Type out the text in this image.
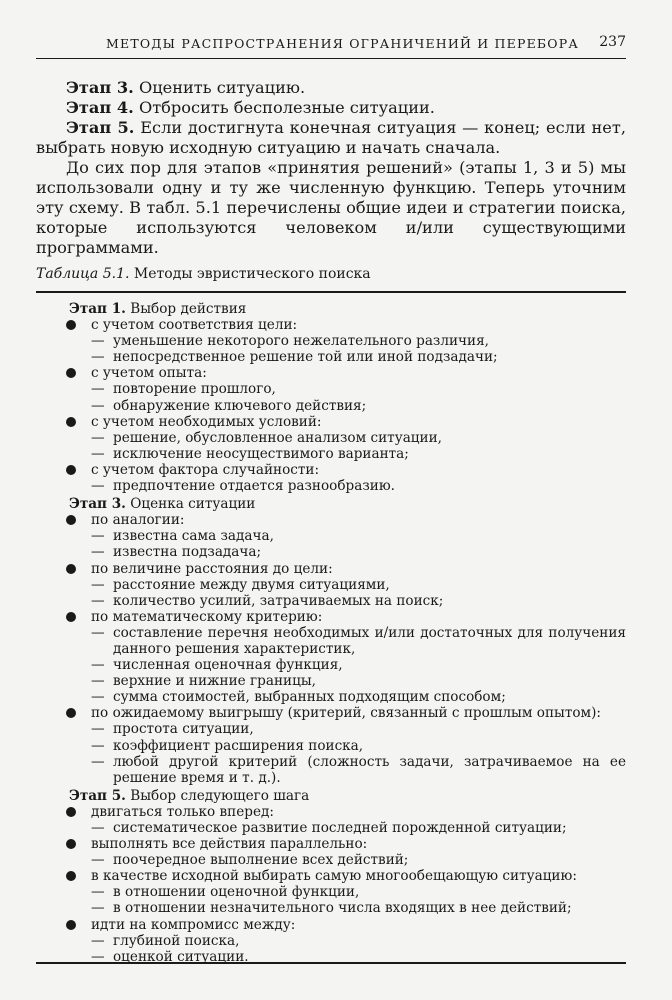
МЕТОДЫ РАСПРОСТРАНЕНИЯ ОГРАНИЧЕНИЙ И ПЕРЕБОРА 237

Этап 3. Оценить ситуацию.

Этап 4. Отбросить бесполезные ситуации.

Этап 5. Если достигнута конечная ситуация — конец; если нет, выбрать новую исходную ситуацию и начать сначала.

До сих пор для этапов «принятия решений» (этапы 1, 3 и 5) мы использовали одну и ту же численную функцию. Теперь уточним эту схему. В табл. 5.1 перечислены общие идеи и стратегии поиска, которые используются человеком и/или существующими программами.

Таблица 5.1. Методы эвристического поиска
Этап 1. Выбор действия
с учетом соответствия цели:
— уменьшение некоторого нежелательного различия,
— непосредственное решение той или иной подзадачи;
с учетом опыта:
— повторение прошлого,
— обнаружение ключевого действия;
с учетом необходимых условий:
— решение, обусловленное анализом ситуации,
— исключение неосуществимого варианта;
с учетом фактора случайности:
— предпочтение отдается разнообразию.
Этап 3. Оценка ситуации
по аналогии:
— известна сама задача,
— известна подзадача;
по величине расстояния до цели:
— расстояние между двумя ситуациями,
— количество усилий, затрачиваемых на поиск;
по математическому критерию:
— составление перечня необходимых и/или достаточных для получения данного решения характеристик,
— численная оценочная функция,
— верхние и нижние границы,
— сумма стоимостей, выбранных подходящим способом;
по ожидаемому выигрышу (критерий, связанный с прошлым опытом):
— простота ситуации,
— коэффициент расширения поиска,
— любой другой критерий (сложность задачи, затрачиваемое на ее решение время и т. д.).
Этап 5. Выбор следующего шага
двигаться только вперед:
— систематическое развитие последней порожденной ситуации;
выполнять все действия параллельно:
— поочередное выполнение всех действий;
в качестве исходной выбирать самую многообещающую ситуацию:
— в отношении оценочной функции,
— в отношении незначительного числа входящих в нее действий;
идти на компромисс между:
— глубиной поиска,
— оценкой ситуации.
